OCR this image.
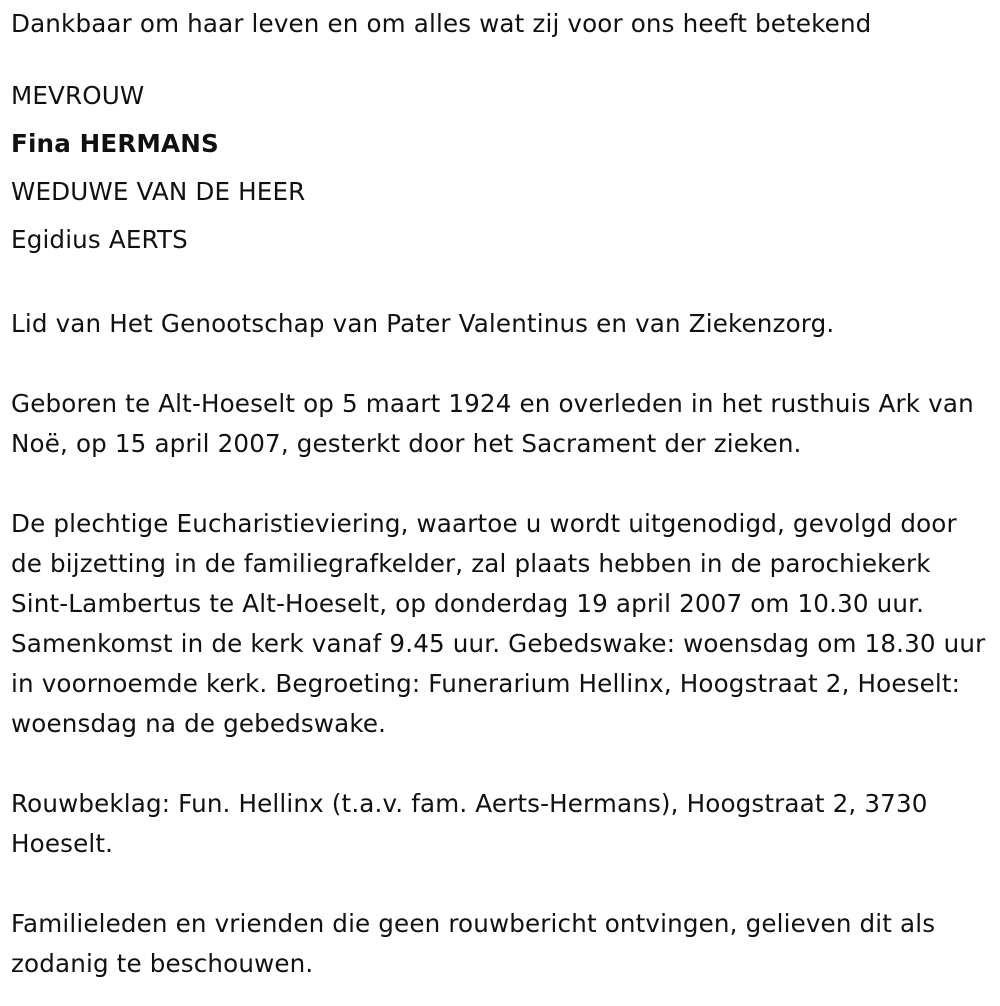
Dankbaar om haar leven en om alles wat zij voor ons heeft betekend
MEVROUW
Fina HERMANS
WEDUWE VAN DE HEER
Egidius AERTS
Lid van Het Genootschap van Pater Valentinus en van Ziekenzorg.
Geboren te Alt-Hoeselt op 5 maart 1924 en overleden in het rusthuis Ark van Noë, op 15 april 2007, gesterkt door het Sacrament der zieken.
De plechtige Eucharistieviering, waartoe u wordt uitgenodigd, gevolgd door de bijzetting in de familiegrafkelder, zal plaats hebben in de parochiekerk Sint-Lambertus te Alt-Hoeselt, op donderdag 19 april 2007 om 10.30 uur. Samenkomst in de kerk vanaf 9.45 uur. Gebedswake: woensdag om 18.30 uur in voornoemde kerk. Begroeting: Funerarium Hellinx, Hoogstraat 2, Hoeselt: woensdag na de gebedswake.
Rouwbeklag: Fun. Hellinx (t.a.v. fam. Aerts-Hermans), Hoogstraat 2, 3730 Hoeselt.
Familieleden en vrienden die geen rouwbericht ontvingen, gelieven dit als zodanig te beschouwen.
